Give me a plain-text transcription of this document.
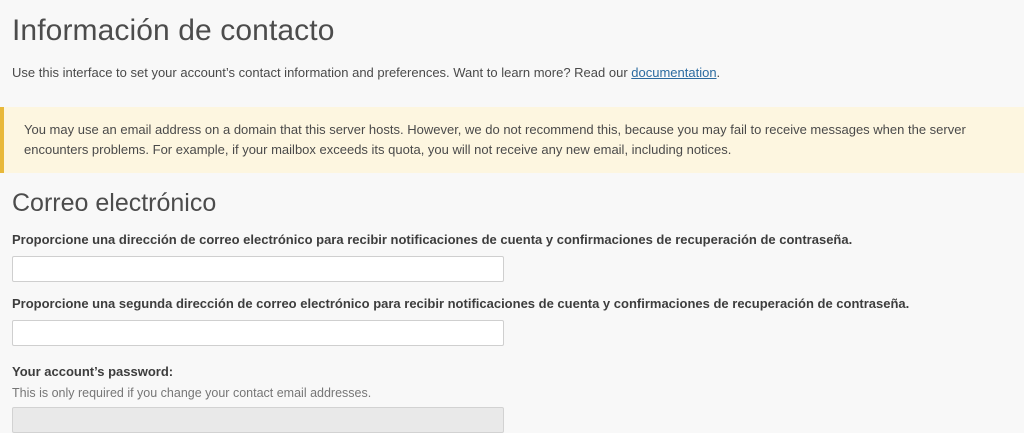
Información de contacto

Use this interface to set your account’s contact information and preferences. Want to learn more? Read our documentation.

You may use an email address on a domain that this server hosts. However, we do not recommend this, because you may fail to receive messages when the server encounters problems. For example, if your mailbox exceeds its quota, you will not receive any new email, including notices.
Correo electrónico

Proporcione una dirección de correo electrónico para recibir notificaciones de cuenta y confirmaciones de recuperación de contraseña.

Proporcione una segunda dirección de correo electrónico para recibir notificaciones de cuenta y confirmaciones de recuperación de contraseña.

Your account’s password:

This is only required if you change your contact email addresses.
